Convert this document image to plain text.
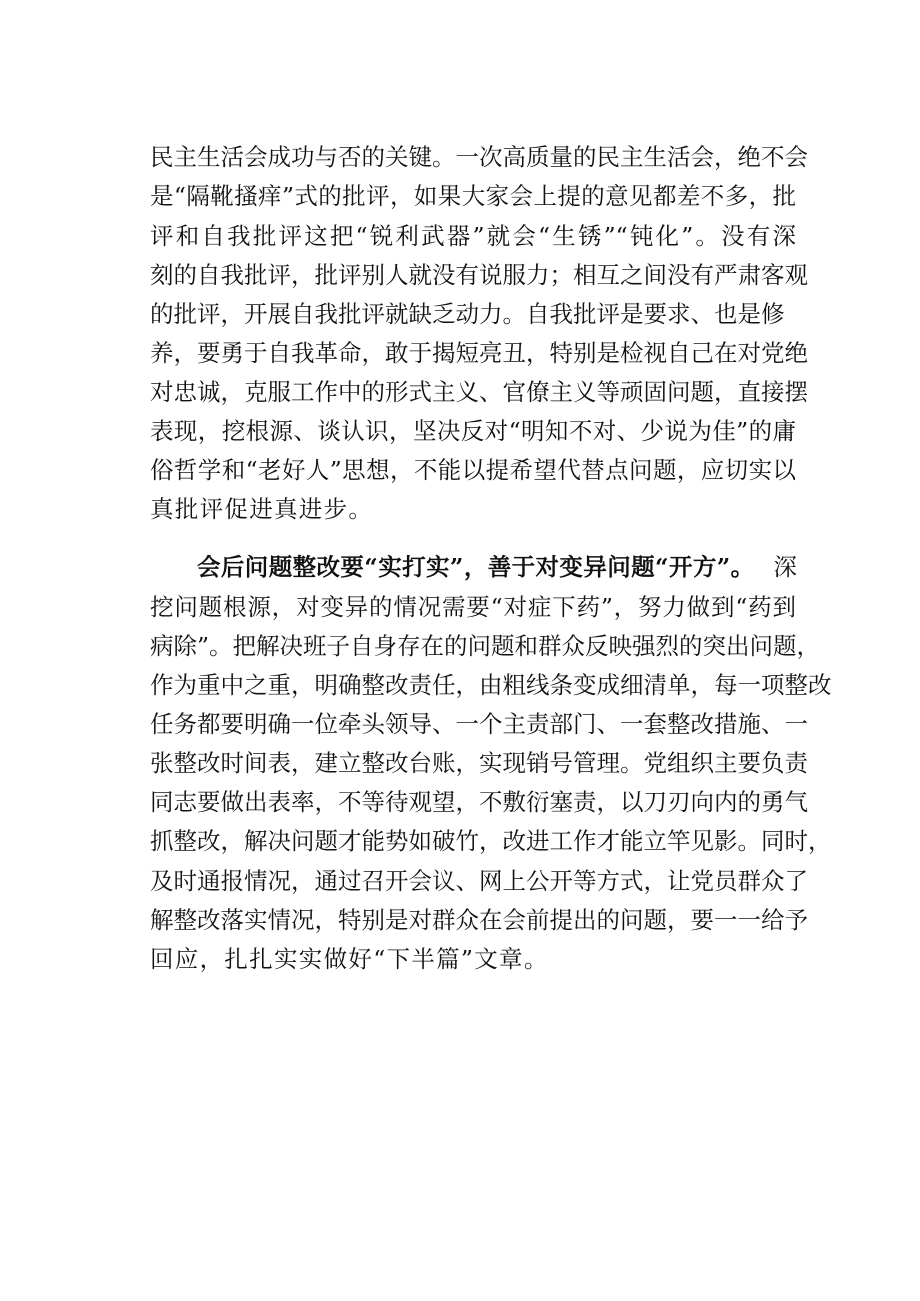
民主生活会成功与否的关键。一次高质量的民主生活会，绝不会
是“隔靴搔痒”式的批评，如果大家会上提的意见都差不多，批
评和自我批评这把“锐利武器”就会“生锈”“钝化”。没有深
刻的自我批评，批评别人就没有说服力；相互之间没有严肃客观
的批评，开展自我批评就缺乏动力。自我批评是要求、也是修
养，要勇于自我革命，敢于揭短亮丑，特别是检视自己在对党绝
对忠诚，克服工作中的形式主义、官僚主义等顽固问题，直接摆
表现，挖根源、谈认识，坚决反对“明知不对、少说为佳”的庸
俗哲学和“老好人”思想，不能以提希望代替点问题，应切实以
真批评促进真进步。
会后问题整改要“实打实”，善于对变异问题“开方”。 深
挖问题根源，对变异的情况需要“对症下药”，努力做到“药到
病除”。把解决班子自身存在的问题和群众反映强烈的突出问题，
作为重中之重，明确整改责任，由粗线条变成细清单，每一项整改
任务都要明确一位牵头领导、一个主责部门、一套整改措施、一
张整改时间表，建立整改台账，实现销号管理。党组织主要负责
同志要做出表率，不等待观望，不敷衍塞责，以刀刃向内的勇气
抓整改，解决问题才能势如破竹，改进工作才能立竿见影。同时，
及时通报情况，通过召开会议、网上公开等方式，让党员群众了
解整改落实情况，特别是对群众在会前提出的问题，要一一给予
回应，扎扎实实做好“下半篇”文章。
